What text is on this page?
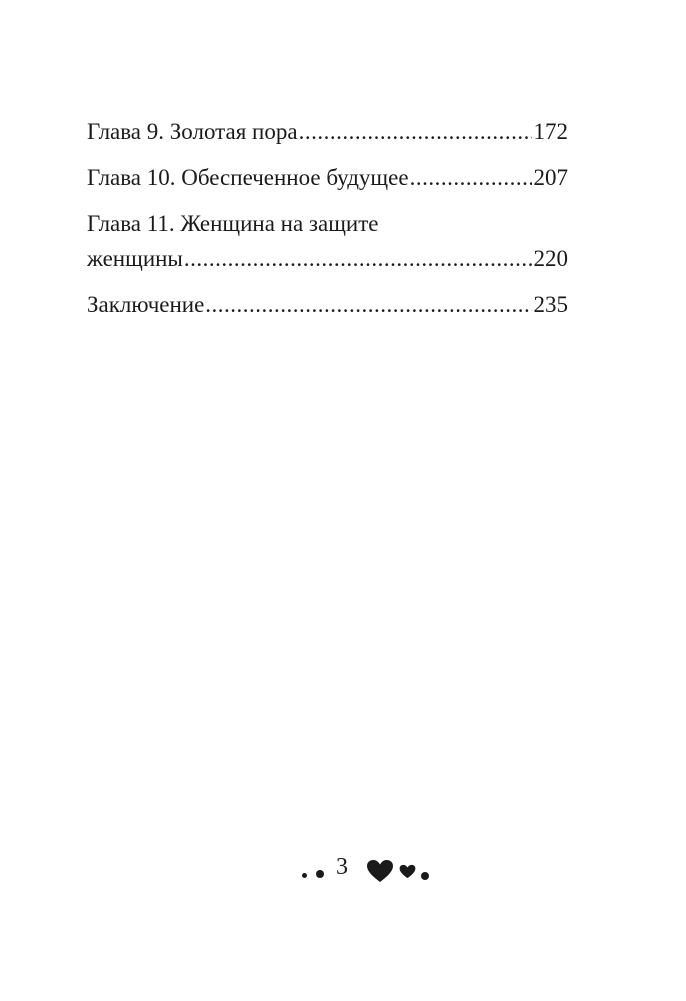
Глава 9. Золотая пора .....	172
Глава 10. Обеспеченное будущее .....	207
Глава 11. Женщина на защите
женщины .....	220
Заключение .....	235
3
